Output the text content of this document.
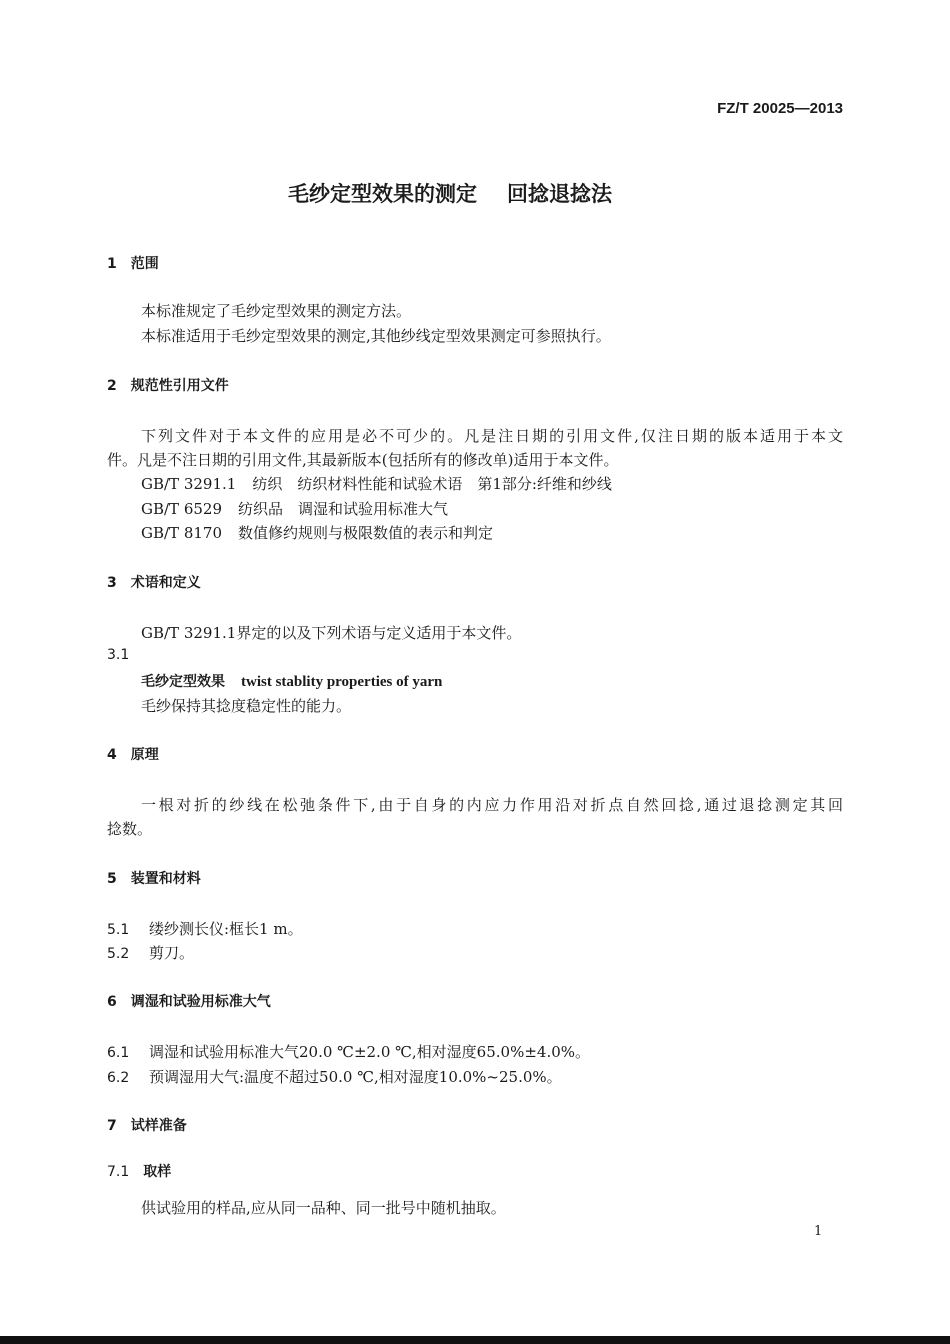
FZ/T 20025—2013
毛纱定型效果的测定 回捻退捻法
1 范围
本标准规定了毛纱定型效果的测定方法。
本标准适用于毛纱定型效果的测定,其他纱线定型效果测定可参照执行。
2 规范性引用文件
下列文件对于本文件的应用是必不可少的。凡是注日期的引用文件,仅注日期的版本适用于本文
件。凡是不注日期的引用文件,其最新版本(包括所有的修改单)适用于本文件。
GB/T 3291.1 纺织　纺织材料性能和试验术语　第1部分:纤维和纱线
GB/T 6529 纺织品　调湿和试验用标准大气
GB/T 8170 数值修约规则与极限数值的表示和判定
3 术语和定义
GB/T 3291.1界定的以及下列术语与定义适用于本文件。
3.1
毛纱定型效果 twist stablity properties of yarn
毛纱保持其捻度稳定性的能力。
4 原理
一根对折的纱线在松弛条件下,由于自身的内应力作用沿对折点自然回捻,通过退捻测定其回
捻数。
5 装置和材料
5.1 缕纱测长仪:框长1 m。
5.2 剪刀。
6 调湿和试验用标准大气
6.1 调湿和试验用标准大气20.0 ℃±2.0 ℃,相对湿度65.0%±4.0%。
6.2 预调湿用大气:温度不超过50.0 ℃,相对湿度10.0%~25.0%。
7 试样准备
7.1 取样
供试验用的样品,应从同一品种、同一批号中随机抽取。
1
